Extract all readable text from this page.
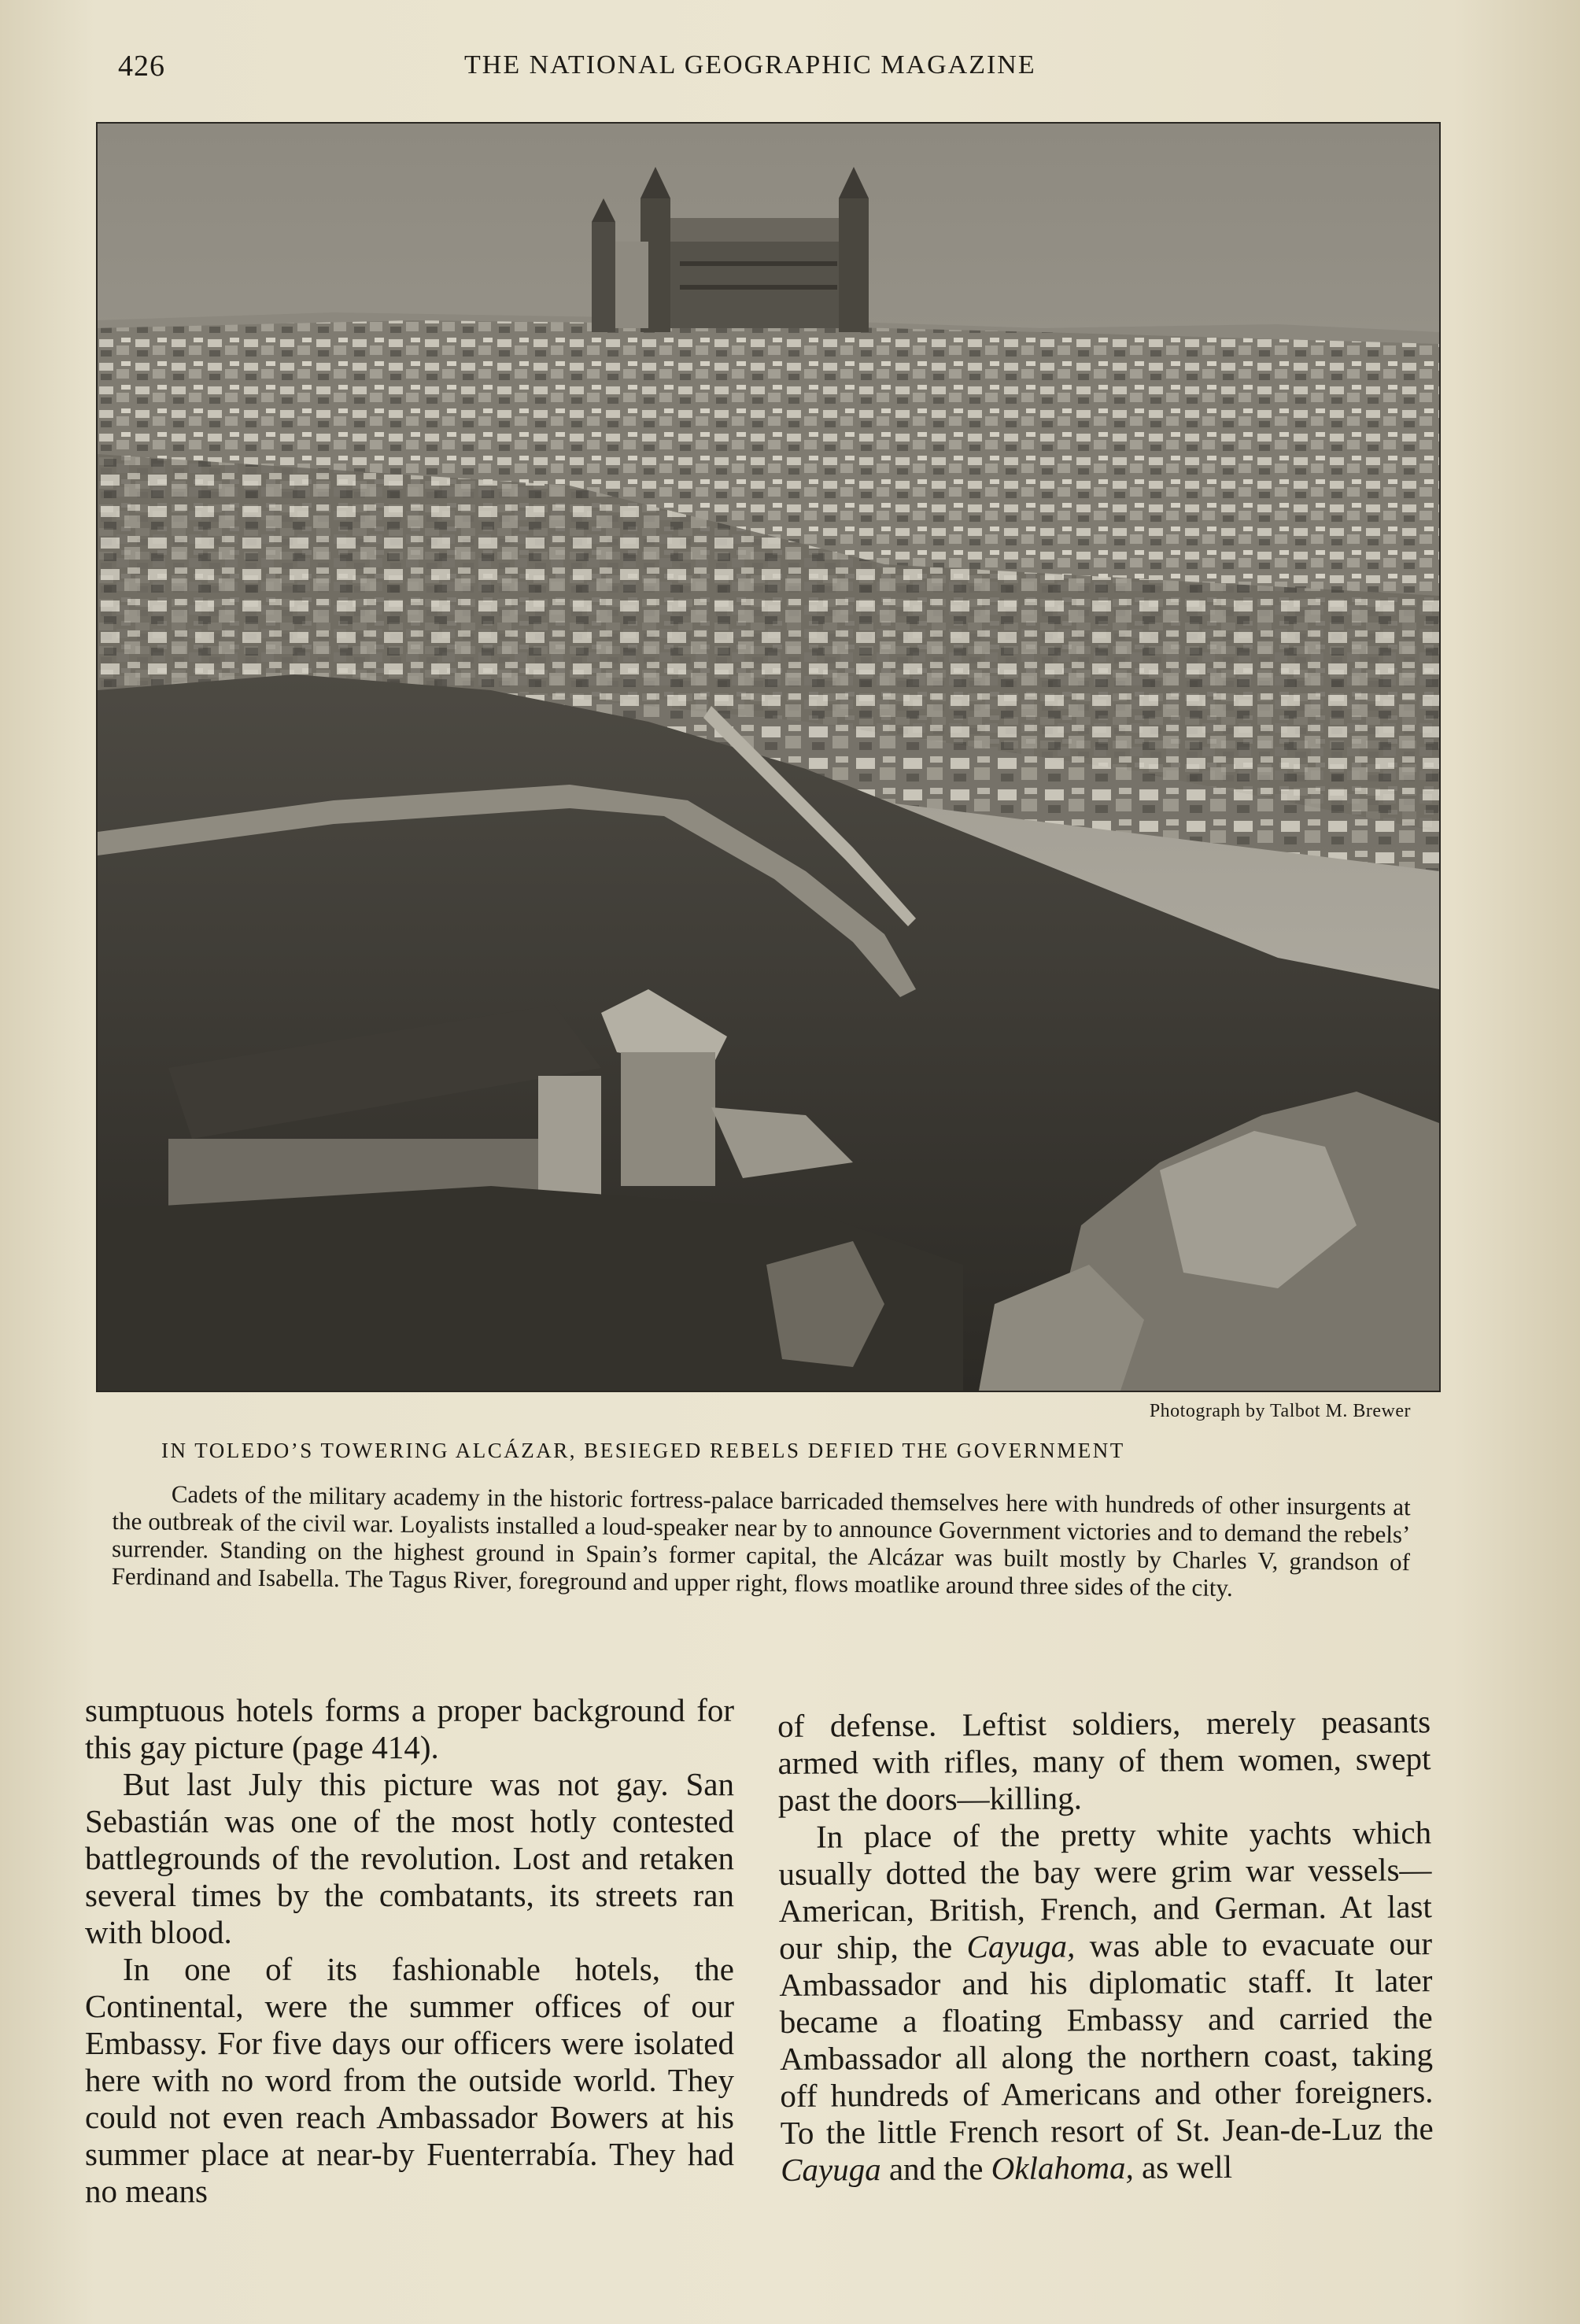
426	THE NATIONAL GEOGRAPHIC MAGAZINE
Photograph by Talbot M. Brewer
IN TOLEDO’S TOWERING ALCÁZAR, BESIEGED REBELS DEFIED THE GOVERNMENT
Cadets of the military academy in the historic fortress-palace barricaded themselves here with hundreds of other insurgents at the outbreak of the civil war. Loyalists installed a loud-speaker near by to announce Government victories and to demand the rebels’ surrender. Standing on the highest ground in Spain’s former capital, the Alcázar was built mostly by Charles V, grandson of Ferdinand and Isabella. The Tagus River, foreground and upper right, flows moatlike around three sides of the city.

sumptuous hotels forms a proper background for this gay picture (page 414).

But last July this picture was not gay. San Sebastián was one of the most hotly contested battlegrounds of the revolution. Lost and retaken several times by the combatants, its streets ran with blood.

In one of its fashionable hotels, the Continental, were the summer offices of our Embassy. For five days our officers were isolated here with no word from the outside world. They could not even reach Ambassador Bowers at his summer place at near-by Fuenterrabía. They had no means

of defense. Leftist soldiers, merely peasants armed with rifles, many of them women, swept past the doors—killing.

In place of the pretty white yachts which usually dotted the bay were grim war vessels—American, British, French, and German. At last our ship, the Cayuga, was able to evacuate our Ambassador and his diplomatic staff. It later became a floating Embassy and carried the Ambassador all along the northern coast, taking off hundreds of Americans and other foreigners. To the little French resort of St. Jean-de-Luz the Cayuga and the Oklahoma, as well
